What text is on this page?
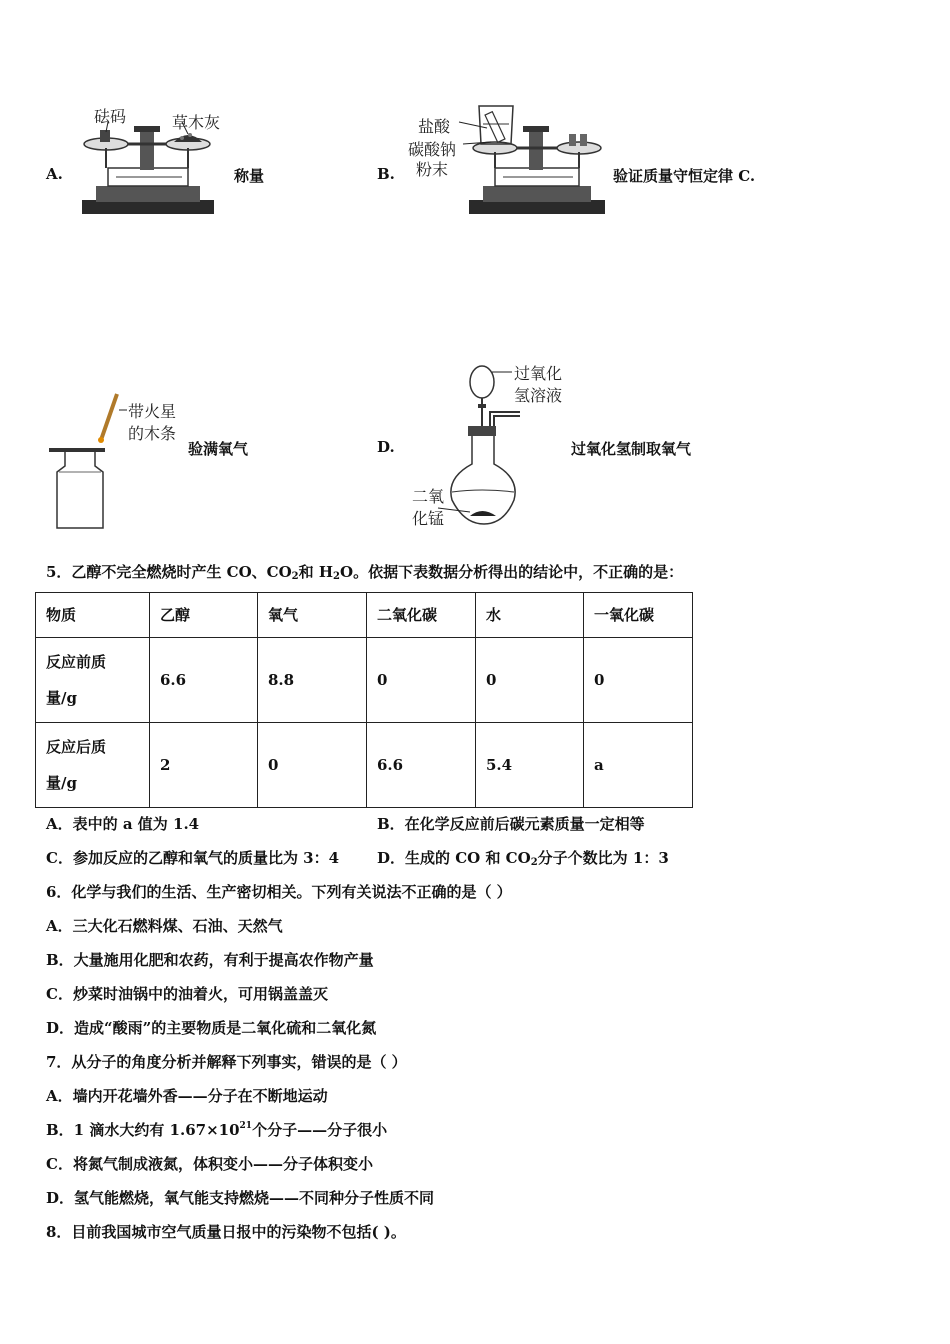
A.
砝码	草木灰
称量	B.
盐酸
碳酸钠
粉末	验证质量守恒定律 C.
带火星
的木条
验满氧气	D.
过氧化
氢溶液
二氧
化锰
过氧化氢制取氧气
5．乙醇不完全燃烧时产生 CO、$CO_2$和 $H_2O$。依据下表数据分析得出的结论中，不正确的是：
物质	乙醇	氧气	二氧化碳	水	一氧化碳
反应前质
量/g	6.6	8.8	0	0	0
反应后质
量/g	2	0	6.6	5.4	a
A．表中的 a 值为 1.4	B．在化学反应前后碳元素质量一定相等
C．参加反应的乙醇和氧气的质量比为 3：4	D．生成的 CO 和 $CO_2$分子个数比为 1：3
6．化学与我们的生活、生产密切相关。下列有关说法不正确的是（ ）
A．三大化石燃料煤、石油、天然气
B．大量施用化肥和农药，有利于提高农作物产量
C．炒菜时油锅中的油着火，可用锅盖盖灭
D．造成“酸雨”的主要物质是二氧化硫和二氧化氮
7．从分子的角度分析并解释下列事实，错误的是（ ）
A．墙内开花墙外香——分子在不断地运动
B．1 滴水大约有 $1.67\times 10^{21}$个分子——分子很小
C．将氮气制成液氮，体积变小——分子体积变小
D．氢气能燃烧，氧气能支持燃烧——不同种分子性质不同
8．目前我国城市空气质量日报中的污染物不包括( )。
